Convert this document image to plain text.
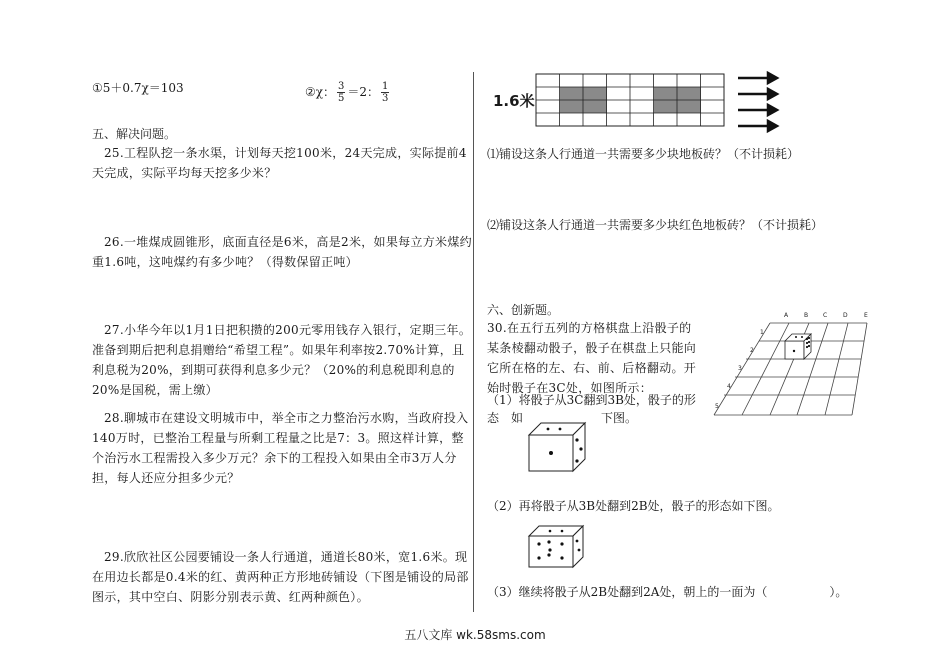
①5＋0.7χ＝103	②χ： $\frac{3}{5} =2$： $\frac{1}{3}$
五、解决问题。
25.工程队挖一条水渠，计划每天挖100米，24天完成，实际提前4天完成，实际平均每天挖多少米？
26.一堆煤成圆锥形，底面直径是6米，高是2米，如果每立方米煤约重1.6吨，这吨煤约有多少吨？（得数保留正吨）
27.小华今年以1月1日把积攒的200元零用钱存入银行，定期三年。准备到期后把利息捐赠给“希望工程”。如果年利率按2.70%计算，且利息税为20%，到期可获得利息多少元？（20%的利息税即利息的20%是国税，需上缴）
28.聊城市在建设文明城市中，举全市之力整治污水购，当政府投入140万时，已整治工程量与所剩工程量之比是7：3。照这样计算，整个治污水工程需投入多少万元？余下的工程投入如果由全市3万人分担，每人还应分担多少元？
29.欣欣社区公园要铺设一条人行通道，通道长80米，宽1.6米。现在用边长都是0.4米的红、黄两种正方形地砖铺设（下图是铺设的局部图示，其中空白、阴影分别表示黄、红两种颜色）。
1.6米
⑴铺设这条人行通道一共需要多少块地板砖？（不计损耗）
⑵铺设这条人行通道一共需要多少块红色地板砖？（不计损耗）
六、创新题。
30.在五行五列的方格棋盘上沿骰子的某条棱翻动骰子，骰子在棋盘上只能向它所在格的左、右、前、后格翻动。开始时骰子在3C处，如图所示：
（1）将骰子从3C翻到3B处，骰子的形
态　如	下图。
A	B C	D	E
1
2
3
4
5
（2）再将骰子从3B处翻到2B处，骰子的形态如下图。
（3）继续将骰子从2B处翻到2A处，朝上的一面为（	）。
五八文库 wk.58sms.com
